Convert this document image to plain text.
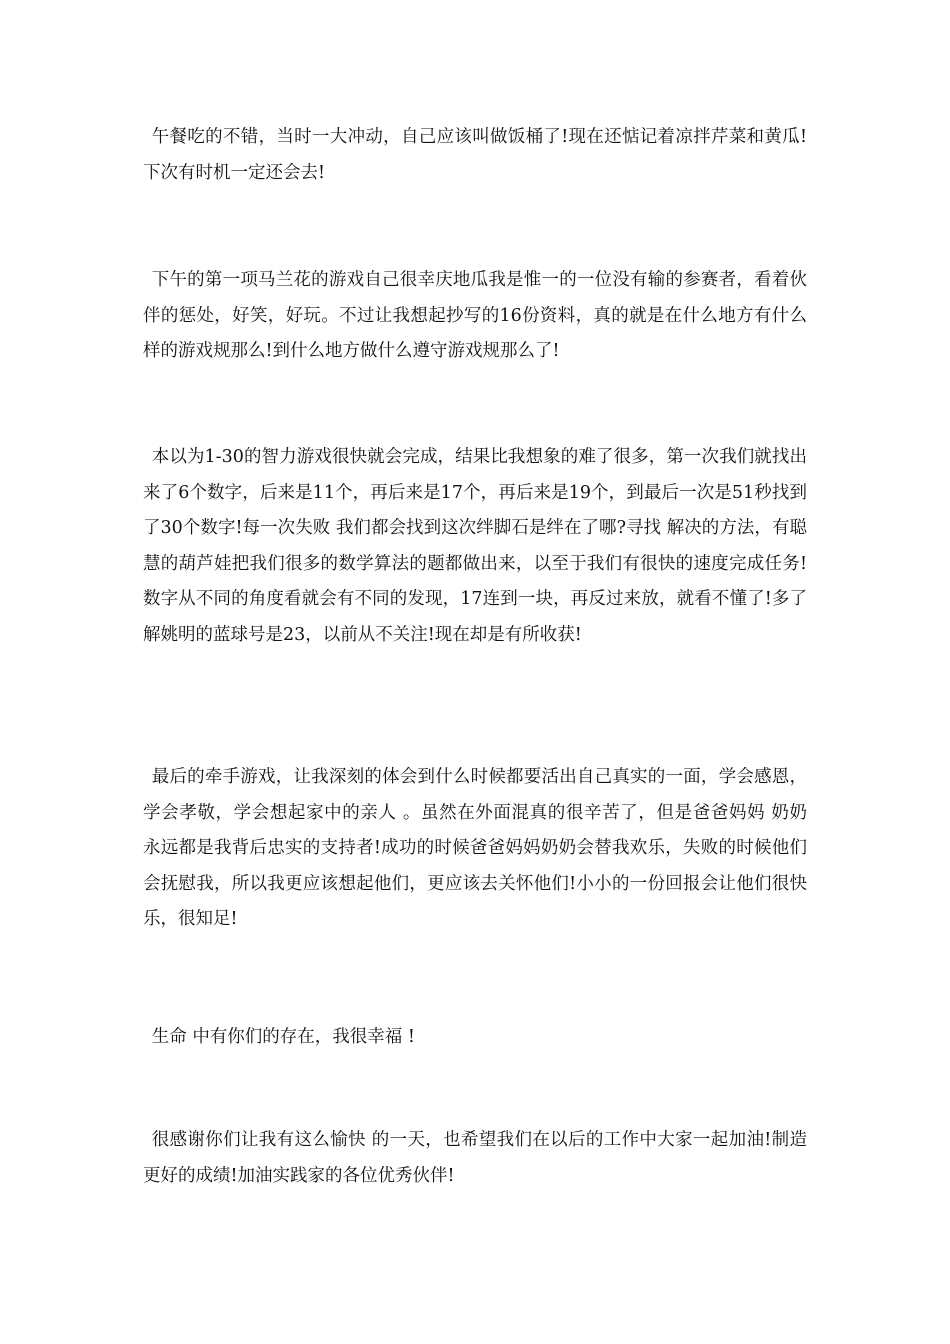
午餐吃的不错，当时一大冲动，自己应该叫做饭桶了!现在还惦记着凉拌芹菜和黄瓜!下次有时机一定还会去!

下午的第一项马兰花的游戏自己很幸庆地瓜我是惟一的一位没有输的参赛者，看着伙伴的惩处，好笑，好玩。不过让我想起抄写的16份资料，真的就是在什么地方有什么样的游戏规那么!到什么地方做什么遵守游戏规那么了!

本以为1-30的智力游戏很快就会完成，结果比我想象的难了很多，第一次我们就找出来了6个数字，后来是11个，再后来是17个，再后来是19个，到最后一次是51秒找到了30个数字!每一次失败 我们都会找到这次绊脚石是绊在了哪?寻找 解决的方法，有聪慧的葫芦娃把我们很多的数学算法的题都做出来，以至于我们有很快的速度完成任务!数字从不同的角度看就会有不同的发现，17连到一块，再反过来放，就看不懂了!多了解姚明的蓝球号是23，以前从不关注!现在却是有所收获!

最后的牵手游戏，让我深刻的体会到什么时候都要活出自己真实的一面，学会感恩，学会孝敬，学会想起家中的亲人 。虽然在外面混真的很辛苦了，但是爸爸妈妈 奶奶 永远都是我背后忠实的支持者!成功的时候爸爸妈妈奶奶会替我欢乐，失败的时候他们会抚慰我，所以我更应该想起他们，更应该去关怀他们!小小的一份回报会让他们很快乐，很知足!

生命 中有你们的存在，我很幸福 !

很感谢你们让我有这么愉快 的一天，也希望我们在以后的工作中大家一起加油!制造更好的成绩!加油实践家的各位优秀伙伴!
